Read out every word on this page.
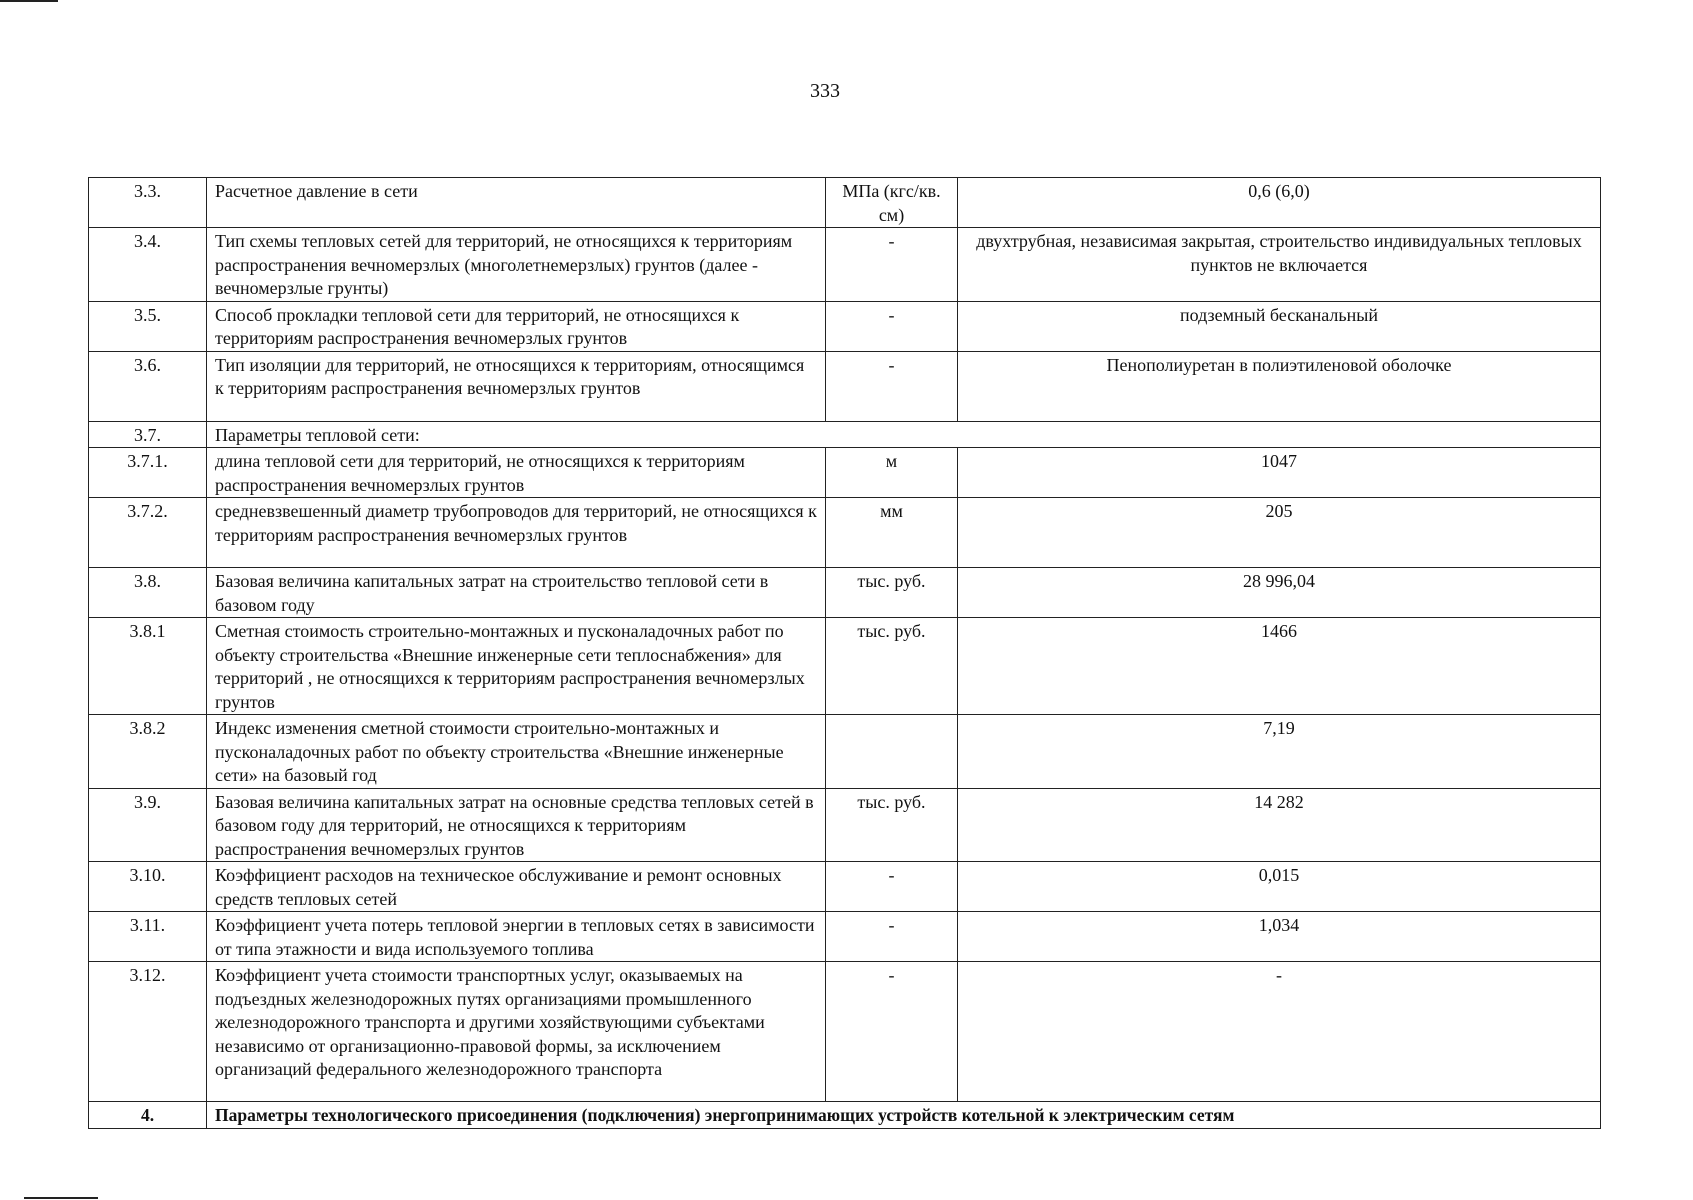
333
3.3.	Расчетное давление в сети	МПа (кгс/кв. см)	0,6 (6,0)
3.4.	Тип схемы тепловых сетей для территорий, не относящихся к территориям распространения вечномерзлых (многолетнемерзлых) грунтов (далее - вечномерзлые грунты)	-	двухтрубная, независимая закрытая, строительство индивидуальных тепловых пунктов не включается
3.5.	Способ прокладки тепловой сети для территорий, не относящихся к территориям распространения вечномерзлых грунтов	-	подземный бесканальный
3.6.	Тип изоляции для территорий, не относящихся к территориям, относящимся к территориям распространения вечномерзлых грунтов	-	Пенополиуретан в полиэтиленовой оболочке
3.7.	Параметры тепловой сети:		
3.7.1.	длина тепловой сети для территорий, не относящихся к территориям распространения вечномерзлых грунтов	м	1047
3.7.2.	средневзвешенный диаметр трубопроводов для территорий, не относящихся к территориям распространения вечномерзлых грунтов	мм	205
3.8.	Базовая величина капитальных затрат на строительство тепловой сети в базовом году	тыс. руб.	28 996,04
3.8.1	Сметная стоимость строительно-монтажных и пусконаладочных работ по объекту строительства «Внешние инженерные сети теплоснабжения» для территорий , не относящихся к территориям распространения вечномерзлых грунтов	тыс. руб.	1466
3.8.2	Индекс изменения сметной стоимости строительно-монтажных и пусконаладочных работ по объекту строительства «Внешние инженерные сети» на базовый год		7,19
3.9.	Базовая величина капитальных затрат на основные средства тепловых сетей в базовом году для территорий, не относящихся к территориям распространения вечномерзлых грунтов	тыс. руб.	14 282
3.10.	Коэффициент расходов на техническое обслуживание и ремонт основных средств тепловых сетей	-	0,015
3.11.	Коэффициент учета потерь тепловой энергии в тепловых сетях в зависимости от типа этажности и вида используемого топлива	-	1,034
3.12.	Коэффициент учета стоимости транспортных услуг, оказываемых на подъездных железнодорожных путях организациями промышленного железнодорожного транспорта и другими хозяйствующими субъектами независимо от организационно-правовой формы, за исключением организаций федерального железнодорожного транспорта	-	-
4.	Параметры технологического присоединения (подключения) энергопринимающих устройств котельной к электрическим сетям		
